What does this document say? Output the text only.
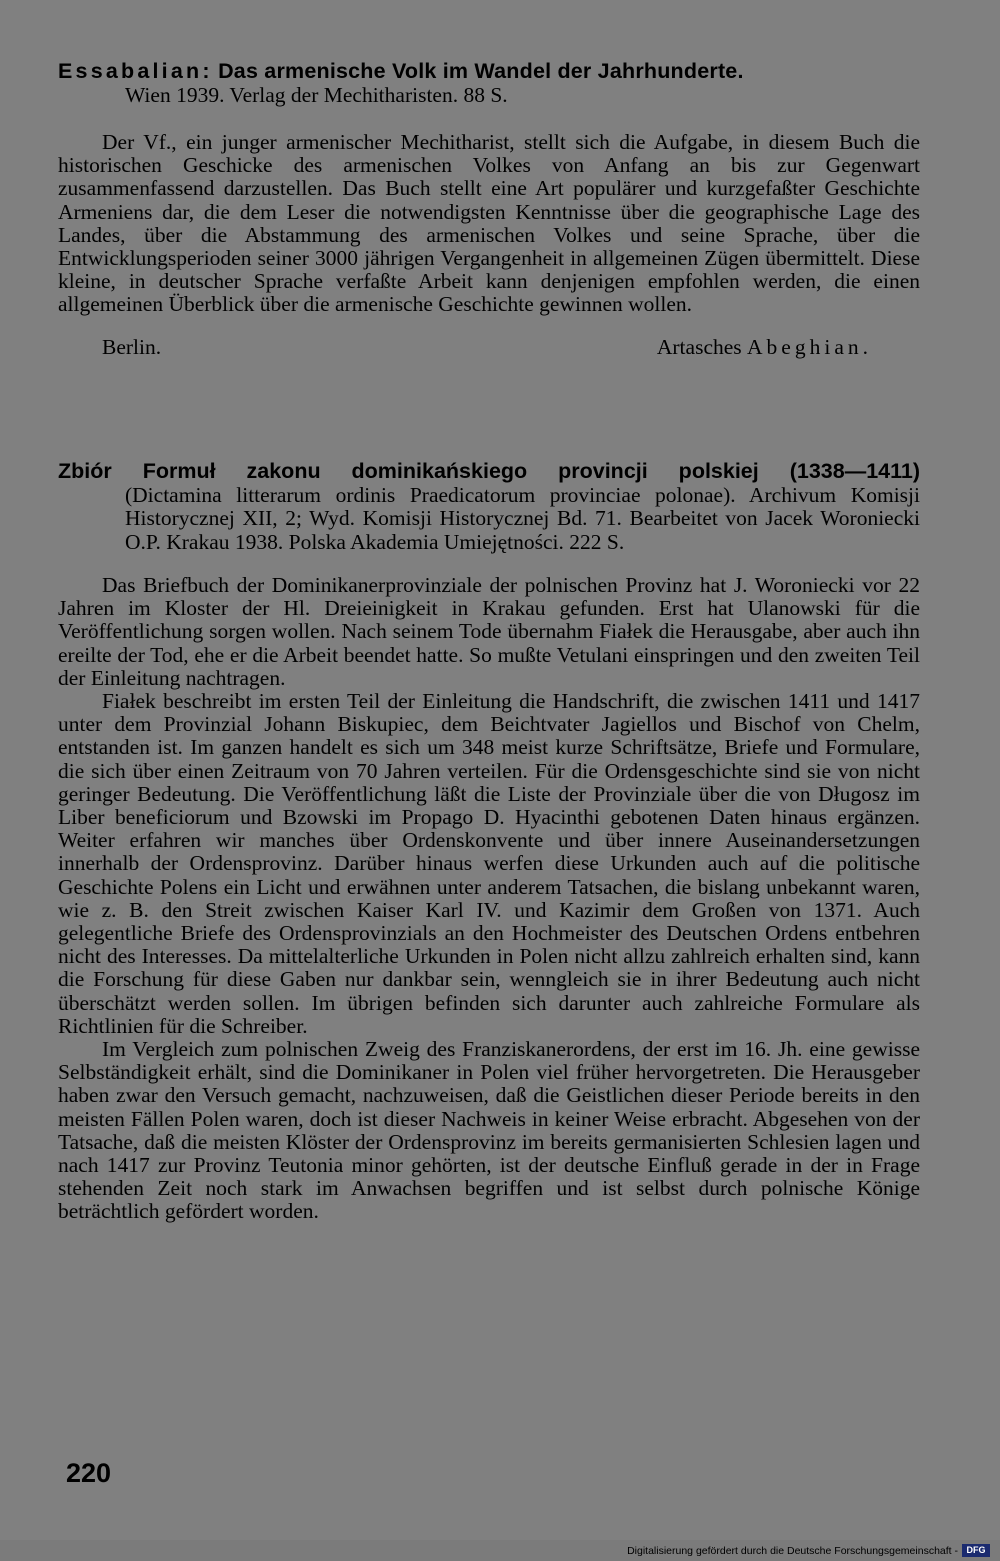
Essabalian: Das armenische Volk im Wandel der Jahrhunderte.
Wien 1939. Verlag der Mechitharisten. 88 S.

Der Vf., ein junger armenischer Mechitharist, stellt sich die Aufgabe, in diesem Buch die historischen Geschicke des armenischen Volkes von Anfang an bis zur Gegenwart zusammenfassend darzustellen. Das Buch stellt eine Art populärer und kurzgefaßter Geschichte Armeniens dar, die dem Leser die notwendigsten Kenntnisse über die geographische Lage des Landes, über die Abstammung des armenischen Volkes und seine Sprache, über die Entwicklungsperioden seiner 3000 jährigen Vergangenheit in allgemeinen Zügen übermittelt. Diese kleine, in deutscher Sprache verfaßte Arbeit kann denjenigen empfohlen werden, die einen allgemeinen Überblick über die armenische Geschichte gewinnen wollen.

Berlin.	Artasches Abeghian.

Zbiór Formuł zakonu dominikańskiego provincji polskiej (1338—1411)
(Dictamina litterarum ordinis Praedicatorum provinciae polonae). Archivum Komisji Historycznej XII, 2; Wyd. Komisji Historycznej Bd. 71. Bearbeitet von Jacek Woroniecki O.P. Krakau 1938. Polska Akademia Umiejętności. 222 S.

Das Briefbuch der Dominikanerprovinziale der polnischen Provinz hat J. Woroniecki vor 22 Jahren im Kloster der Hl. Dreieinigkeit in Krakau gefunden. Erst hat Ulanowski für die Veröffentlichung sorgen wollen. Nach seinem Tode übernahm Fiałek die Herausgabe, aber auch ihn ereilte der Tod, ehe er die Arbeit beendet hatte. So mußte Vetulani einspringen und den zweiten Teil der Einleitung nachtragen.

Fiałek beschreibt im ersten Teil der Einleitung die Handschrift, die zwischen 1411 und 1417 unter dem Provinzial Johann Biskupiec, dem Beichtvater Jagiellos und Bischof von Chelm, entstanden ist. Im ganzen handelt es sich um 348 meist kurze Schriftsätze, Briefe und Formulare, die sich über einen Zeitraum von 70 Jahren verteilen. Für die Ordensgeschichte sind sie von nicht geringer Bedeutung. Die Veröffentlichung läßt die Liste der Provinziale über die von Długosz im Liber beneficiorum und Bzowski im Propago D. Hyacinthi gebotenen Daten hinaus ergänzen. Weiter erfahren wir manches über Ordenskonvente und über innere Auseinandersetzungen innerhalb der Ordensprovinz. Darüber hinaus werfen diese Urkunden auch auf die politische Geschichte Polens ein Licht und erwähnen unter anderem Tatsachen, die bislang unbekannt waren, wie z. B. den Streit zwischen Kaiser Karl IV. und Kazimir dem Großen von 1371. Auch gelegentliche Briefe des Ordensprovinzials an den Hochmeister des Deutschen Ordens entbehren nicht des Interesses. Da mittelalterliche Urkunden in Polen nicht allzu zahlreich erhalten sind, kann die Forschung für diese Gaben nur dankbar sein, wenngleich sie in ihrer Bedeutung auch nicht überschätzt werden sollen. Im übrigen befinden sich darunter auch zahlreiche Formulare als Richtlinien für die Schreiber.

Im Vergleich zum polnischen Zweig des Franziskanerordens, der erst im 16. Jh. eine gewisse Selbständigkeit erhält, sind die Dominikaner in Polen viel früher hervorgetreten. Die Herausgeber haben zwar den Versuch gemacht, nachzuweisen, daß die Geistlichen dieser Periode bereits in den meisten Fällen Polen waren, doch ist dieser Nachweis in keiner Weise erbracht. Abgesehen von der Tatsache, daß die meisten Klöster der Ordensprovinz im bereits germanisierten Schlesien lagen und nach 1417 zur Provinz Teutonia minor gehörten, ist der deutsche Einfluß gerade in der in Frage stehenden Zeit noch stark im Anwachsen begriffen und ist selbst durch polnische Könige beträchtlich gefördert worden.

220
Digitalisierung gefördert durch die Deutsche Forschungsgemeinschaft - DFG
